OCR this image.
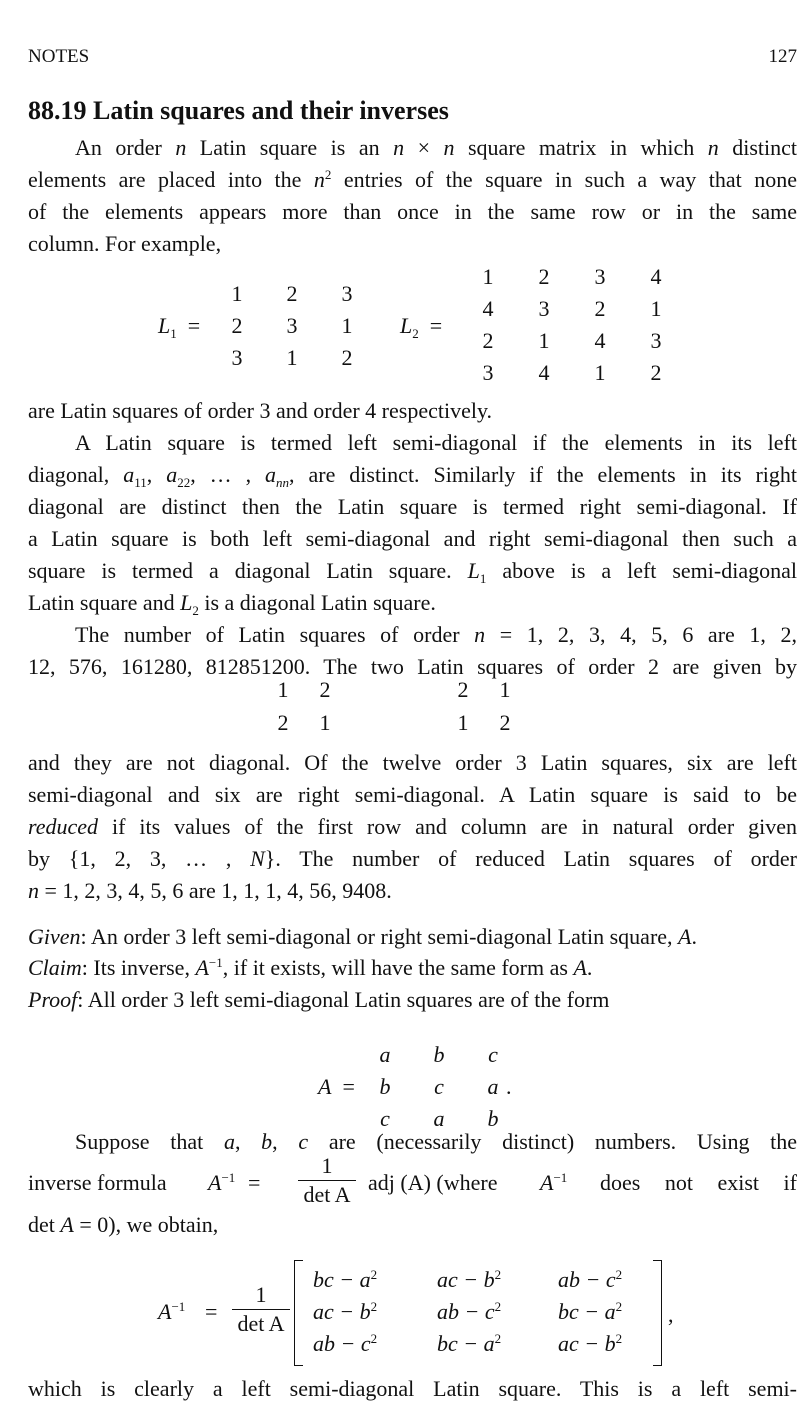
NOTES	127
88.19 Latin squares and their inverses
An order n Latin square is an n × n square matrix in which n distinct
elements are placed into the $n^2$ entries of the square in such a way that none
of the elements appears more than once in the same row or in the same
column. For example,
$L_1$ =
1	2	3
2	3	1
3	1	2
$L_2$ =
1	2	3	4
4	3	2	1
2	1	4	3
3	4	1	2
are Latin squares of order 3 and order 4 respectively.
A Latin square is termed left semi-diagonal if the elements in its left
diagonal, $a_{11}$, $a_{22}$, … , $a_{nn}$, are distinct. Similarly if the elements in its right
diagonal are distinct then the Latin square is termed right semi-diagonal. If
a Latin square is both left semi-diagonal and right semi-diagonal then such a
square is termed a diagonal Latin square. $L_1$ above is a left semi-diagonal
Latin square and $L_2$ is a diagonal Latin square.
The number of Latin squares of order n = 1, 2, 3, 4, 5, 6 are 1, 2,
12, 576, 161280, 812851200. The two Latin squares of order 2 are given by
1	2
2	1
2	1
1	2
and they are not diagonal. Of the twelve order 3 Latin squares, six are left
semi-diagonal and six are right semi-diagonal. A Latin square is said to be
reduced if its values of the first row and column are in natural order given
by {1, 2, 3, … , N}. The number of reduced Latin squares of order
n = 1, 2, 3, 4, 5, 6 are 1, 1, 1, 4, 56, 9408.
Given: An order 3 left semi-diagonal or right semi-diagonal Latin square, A.
Claim: Its inverse, $A^{-1}$, if it exists, will have the same form as A.
Proof: All order 3 left semi-diagonal Latin squares are of the form
A =
a	b	c
b	c	a
c	a	b
.
Suppose that a, b, c are (necessarily distinct) numbers. Using the
inverse formula $A^{-1}$ =
1
det A adj (A) (where $A^{-1}$ does not exist if
det A = 0), we obtain,
$A^{-1}$ =
1
det A	,
bc − $a^2$	ac − $b^2$	ab − $c^2$
ac − $b^2$	ab − $c^2$	bc − $a^2$
ab − $c^2$	bc − $a^2$	ac − $b^2$
which is clearly a left semi-diagonal Latin square. This is a left semi-
